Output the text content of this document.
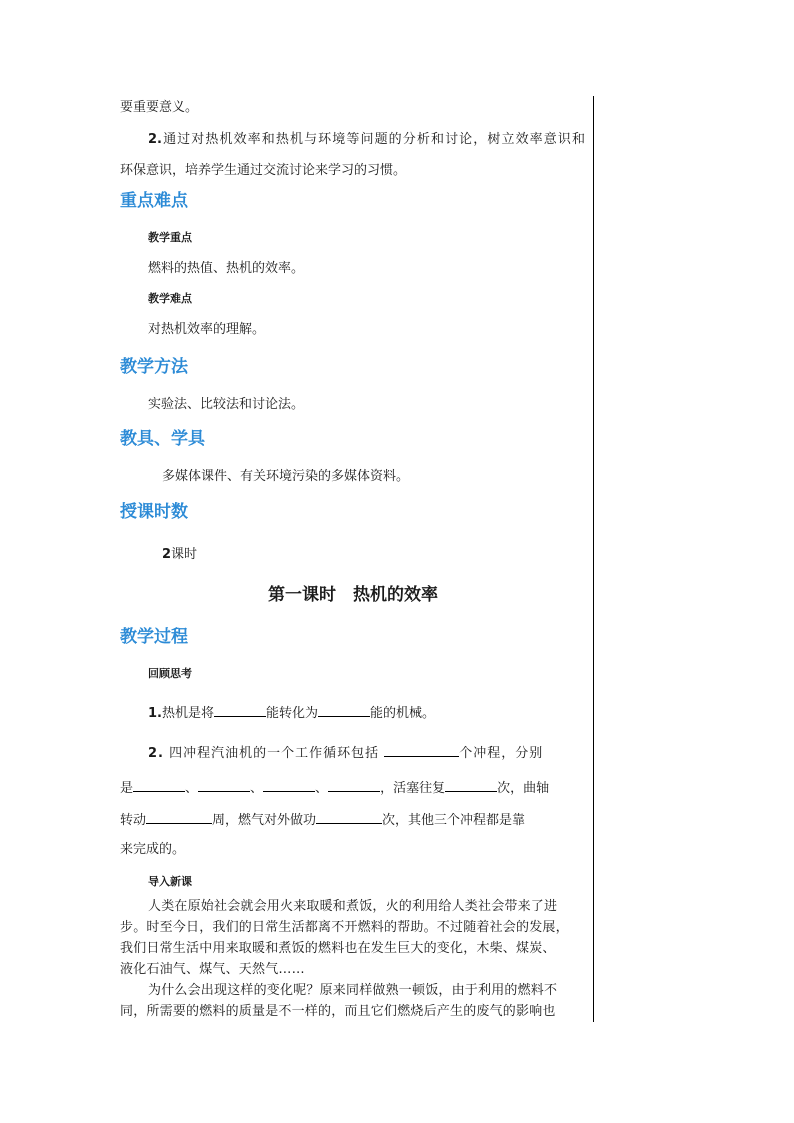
要重要意义。
2.通过对热机效率和热机与环境等问题的分析和讨论，树立效率意识和
环保意识，培养学生通过交流讨论来学习的习惯。
重点难点
教学重点
燃料的热值、热机的效率。
教学难点
对热机效率的理解。
教学方法
实验法、比较法和讨论法。
教具、学具
多媒体课件、有关环境污染的多媒体资料。
授课时数
2课时
第一课时　热机的效率
教学过程
回顾思考
1.热机是将	能转化为	能的机械。
2. 四冲程汽油机的一个工作循环包括	个冲程，分别
是	、	、	、	，活塞往复	次，曲轴
转动	周，燃气对外做功	次，其他三个冲程都是靠
来完成的。
导入新课
人类在原始社会就会用火来取暖和煮饭，火的利用给人类社会带来了进
步。时至今日，我们的日常生活都离不开燃料的帮助。不过随着社会的发展，
我们日常生活中用来取暖和煮饭的燃料也在发生巨大的变化，木柴、煤炭、
液化石油气、煤气、天然气……
为什么会出现这样的变化呢？原来同样做熟一顿饭，由于利用的燃料不
同，所需要的燃料的质量是不一样的，而且它们燃烧后产生的废气的影响也
